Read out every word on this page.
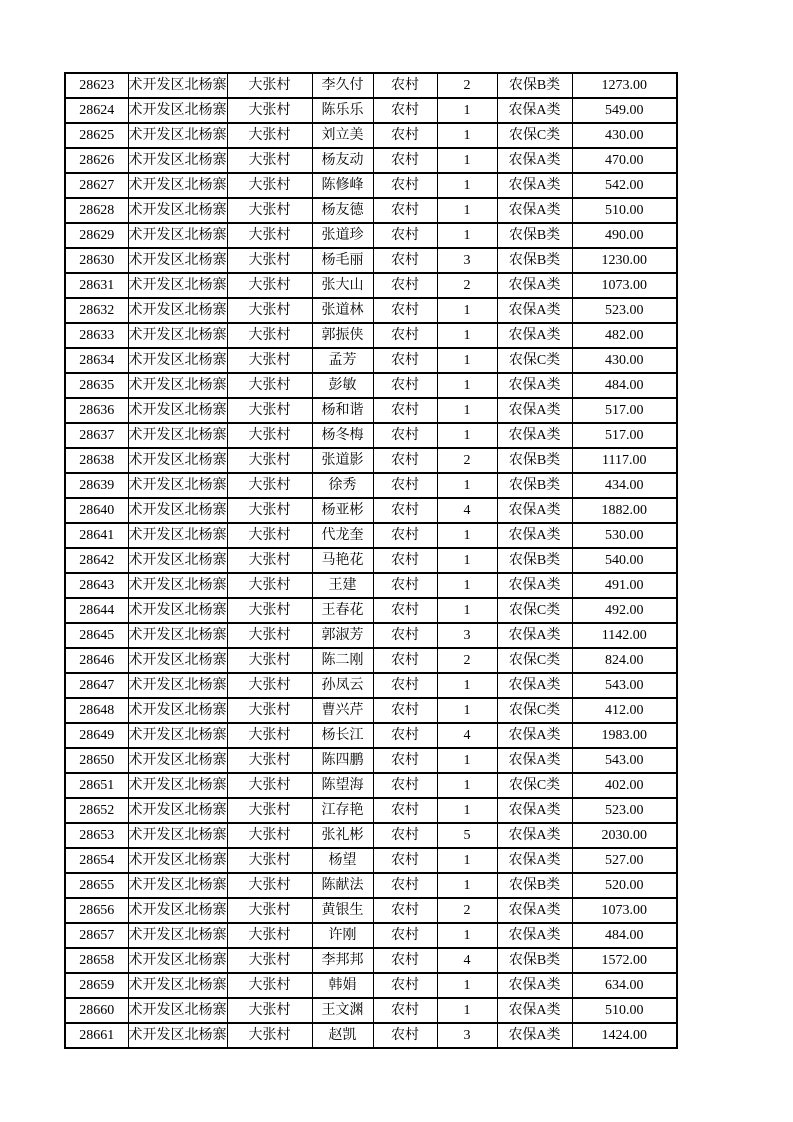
28623	术开发区北杨寨	大张村	李久付	农村	2	农保B类	1273.00
28624	术开发区北杨寨	大张村	陈乐乐	农村	1	农保A类	549.00
28625	术开发区北杨寨	大张村	刘立美	农村	1	农保C类	430.00
28626	术开发区北杨寨	大张村	杨友动	农村	1	农保A类	470.00
28627	术开发区北杨寨	大张村	陈修峰	农村	1	农保A类	542.00
28628	术开发区北杨寨	大张村	杨友德	农村	1	农保A类	510.00
28629	术开发区北杨寨	大张村	张道珍	农村	1	农保B类	490.00
28630	术开发区北杨寨	大张村	杨毛丽	农村	3	农保B类	1230.00
28631	术开发区北杨寨	大张村	张大山	农村	2	农保A类	1073.00
28632	术开发区北杨寨	大张村	张道林	农村	1	农保A类	523.00
28633	术开发区北杨寨	大张村	郭振侠	农村	1	农保A类	482.00
28634	术开发区北杨寨	大张村	孟芳	农村	1	农保C类	430.00
28635	术开发区北杨寨	大张村	彭敏	农村	1	农保A类	484.00
28636	术开发区北杨寨	大张村	杨和谐	农村	1	农保A类	517.00
28637	术开发区北杨寨	大张村	杨冬梅	农村	1	农保A类	517.00
28638	术开发区北杨寨	大张村	张道影	农村	2	农保B类	1117.00
28639	术开发区北杨寨	大张村	徐秀	农村	1	农保B类	434.00
28640	术开发区北杨寨	大张村	杨亚彬	农村	4	农保A类	1882.00
28641	术开发区北杨寨	大张村	代龙奎	农村	1	农保A类	530.00
28642	术开发区北杨寨	大张村	马艳花	农村	1	农保B类	540.00
28643	术开发区北杨寨	大张村	王建	农村	1	农保A类	491.00
28644	术开发区北杨寨	大张村	王春花	农村	1	农保C类	492.00
28645	术开发区北杨寨	大张村	郭淑芳	农村	3	农保A类	1142.00
28646	术开发区北杨寨	大张村	陈二刚	农村	2	农保C类	824.00
28647	术开发区北杨寨	大张村	孙凤云	农村	1	农保A类	543.00
28648	术开发区北杨寨	大张村	曹兴芹	农村	1	农保C类	412.00
28649	术开发区北杨寨	大张村	杨长江	农村	4	农保A类	1983.00
28650	术开发区北杨寨	大张村	陈四鹏	农村	1	农保A类	543.00
28651	术开发区北杨寨	大张村	陈望海	农村	1	农保C类	402.00
28652	术开发区北杨寨	大张村	江存艳	农村	1	农保A类	523.00
28653	术开发区北杨寨	大张村	张礼彬	农村	5	农保A类	2030.00
28654	术开发区北杨寨	大张村	杨望	农村	1	农保A类	527.00
28655	术开发区北杨寨	大张村	陈献法	农村	1	农保B类	520.00
28656	术开发区北杨寨	大张村	黄银生	农村	2	农保A类	1073.00
28657	术开发区北杨寨	大张村	许刚	农村	1	农保A类	484.00
28658	术开发区北杨寨	大张村	李邦邦	农村	4	农保B类	1572.00
28659	术开发区北杨寨	大张村	韩娟	农村	1	农保A类	634.00
28660	术开发区北杨寨	大张村	王文渊	农村	1	农保A类	510.00
28661	术开发区北杨寨	大张村	赵凯	农村	3	农保A类	1424.00
